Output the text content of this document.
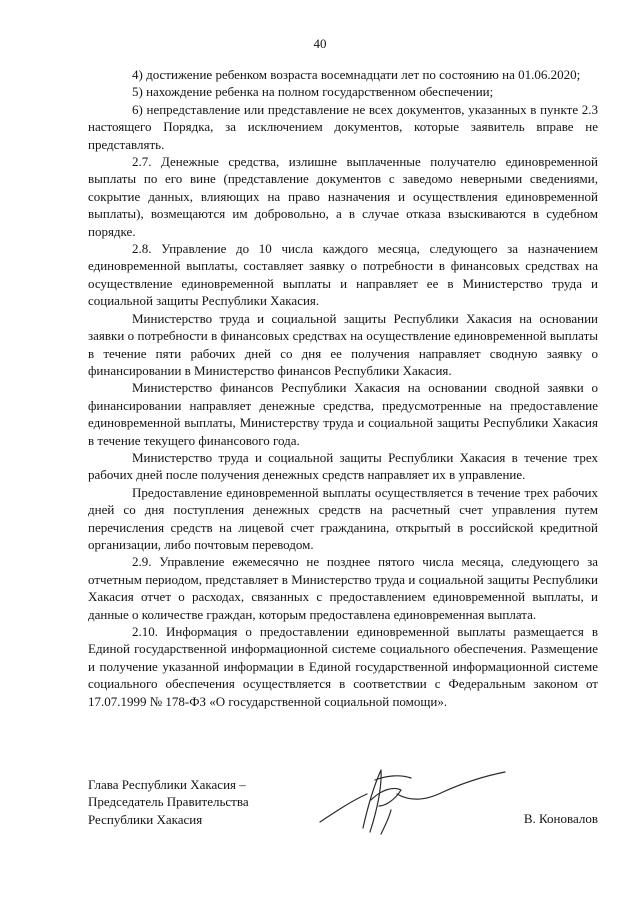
40

4) достижение ребенком возраста восемнадцати лет по состоянию на 01.06.2020;

5) нахождение ребенка на полном государственном обеспечении;

6) непредставление или представление не всех документов, указанных в пункте 2.3 настоящего Порядка, за исключением документов, которые заявитель вправе не представлять.

2.7. Денежные средства, излишне выплаченные получателю единовременной выплаты по его вине (представление документов с заведомо неверными сведениями, сокрытие данных, влияющих на право назначения и осуществления единовременной выплаты), возмещаются им добровольно, а в случае отказа взыскиваются в судебном порядке.

2.8. Управление до 10 числа каждого месяца, следующего за назначением единовременной выплаты, составляет заявку о потребности в финансовых средствах на осуществление единовременной выплаты и направляет ее в Министерство труда и социальной защиты Республики Хакасия.

Министерство труда и социальной защиты Республики Хакасия на основании заявки о потребности в финансовых средствах на осуществление единовременной выплаты в течение пяти рабочих дней со дня ее получения направляет сводную заявку о финансировании в Министерство финансов Республики Хакасия.

Министерство финансов Республики Хакасия на основании сводной заявки о финансировании направляет денежные средства, предусмотренные на предоставление единовременной выплаты, Министерству труда и социальной защиты Республики Хакасия в течение текущего финансового года.

Министерство труда и социальной защиты Республики Хакасия в течение трех рабочих дней после получения денежных средств направляет их в управление.

Предоставление единовременной выплаты осуществляется в течение трех рабочих дней со дня поступления денежных средств на расчетный счет управления путем перечисления средств на лицевой счет гражданина, открытый в российской кредитной организации, либо почтовым переводом.

2.9. Управление ежемесячно не позднее пятого числа месяца, следующего за отчетным периодом, представляет в Министерство труда и социальной защиты Республики Хакасия отчет о расходах, связанных с предоставлением единовременной выплаты, и данные о количестве граждан, которым предоставлена единовременная выплата.

2.10. Информация о предоставлении единовременной выплаты размещается в Единой государственной информационной системе социального обеспечения. Размещение и получение указанной информации в Единой государственной информационной системе социального обеспечения осуществляется в соответствии с Федеральным законом от 17.07.1999 № 178-ФЗ «О государственной социальной помощи».

Глава Республики Хакасия –
Председатель Правительства
Республики Хакасия	В. Коновалов
